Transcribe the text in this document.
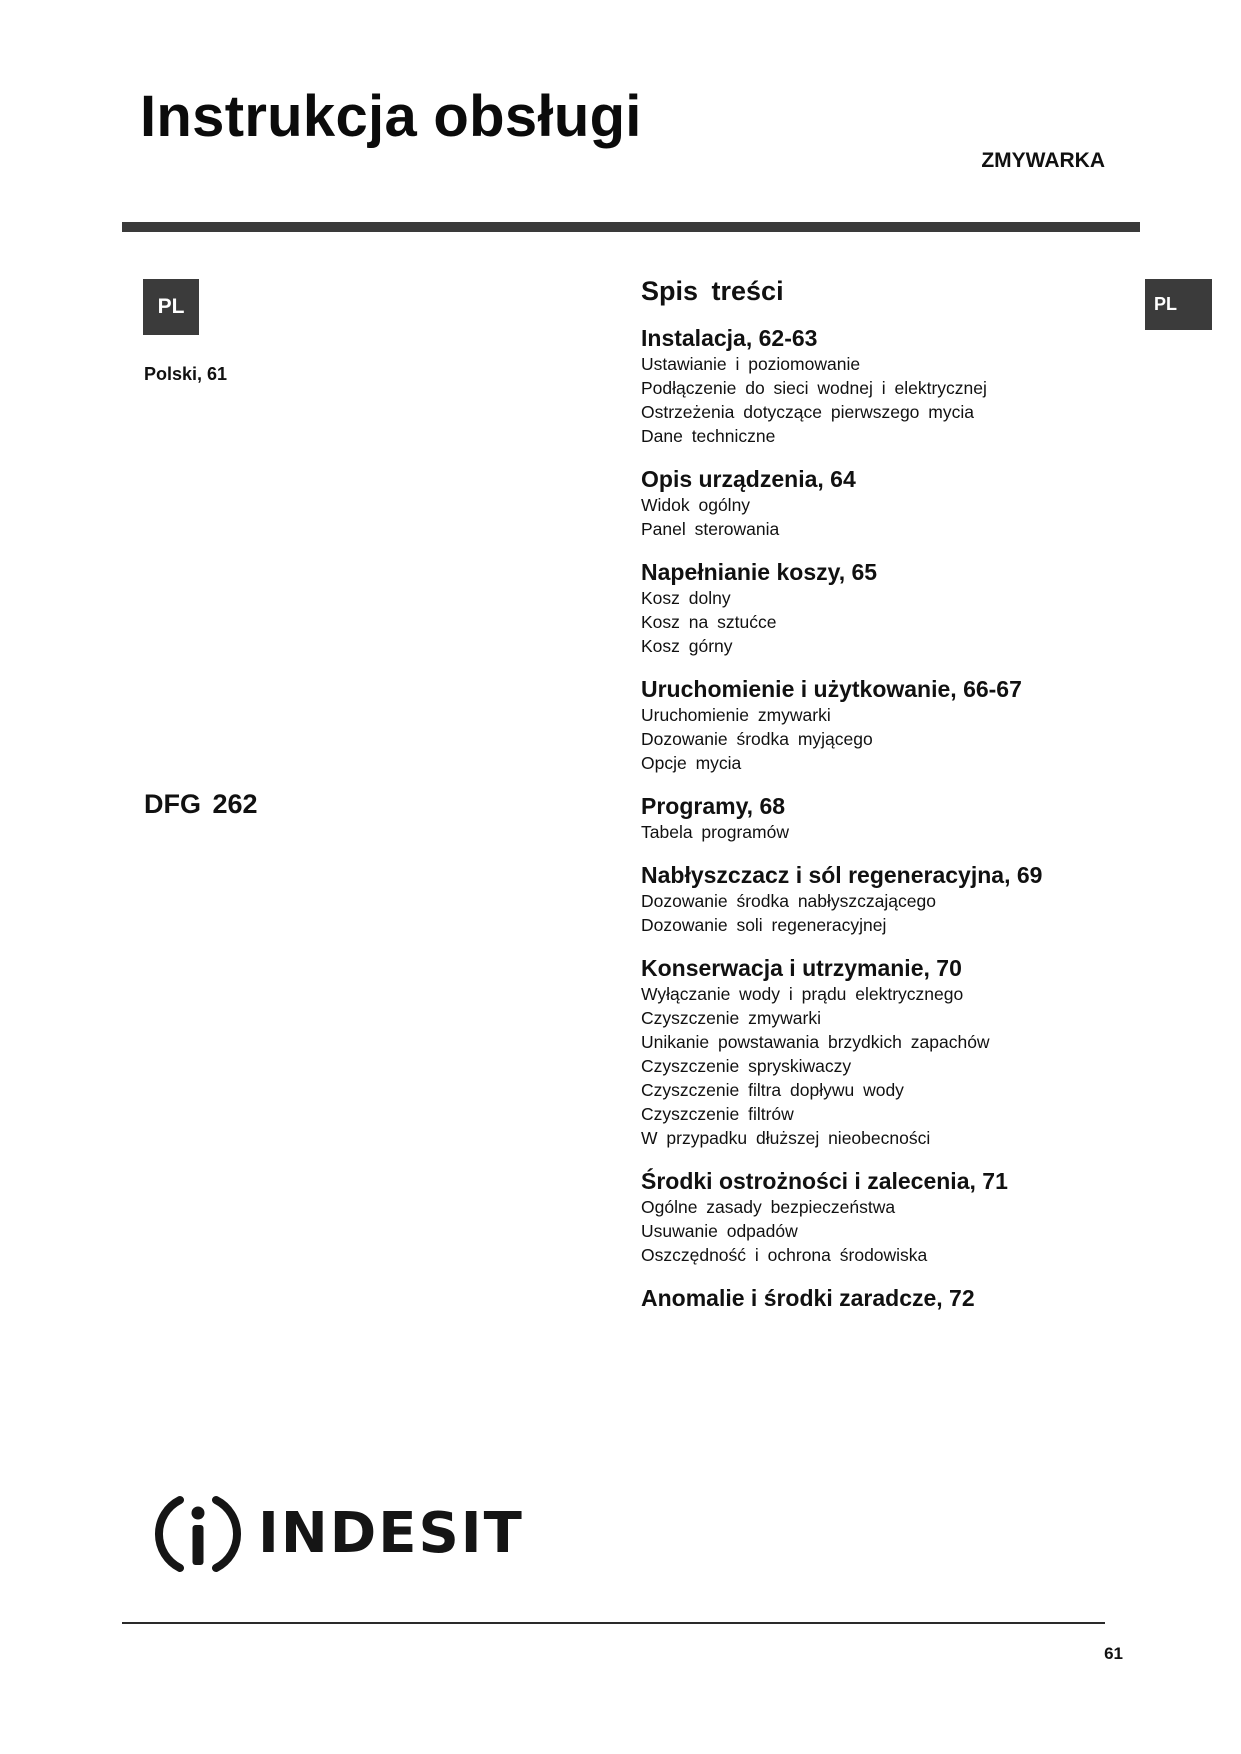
Instrukcja obsługi
ZMYWARKA
PL	PL
Polski, 61
DFG 262
Spis treści
Instalacja, 62-63
Ustawianie i poziomowanie
Podłączenie do sieci wodnej i elektrycznej
Ostrzeżenia dotyczące pierwszego mycia
Dane techniczne
Opis urządzenia, 64
Widok ogólny
Panel sterowania
Napełnianie koszy, 65
Kosz dolny
Kosz na sztućce
Kosz górny
Uruchomienie i użytkowanie, 66-67
Uruchomienie zmywarki
Dozowanie środka myjącego
Opcje mycia
Programy, 68
Tabela programów
Nabłyszczacz i sól regeneracyjna, 69
Dozowanie środka nabłyszczającego
Dozowanie soli regeneracyjnej
Konserwacja i utrzymanie, 70
Wyłączanie wody i prądu elektrycznego
Czyszczenie zmywarki
Unikanie powstawania brzydkich zapachów
Czyszczenie spryskiwaczy
Czyszczenie filtra dopływu wody
Czyszczenie filtrów
W przypadku dłuższej nieobecności
Środki ostrożności i zalecenia, 71
Ogólne zasady bezpieczeństwa
Usuwanie odpadów
Oszczędność i ochrona środowiska
Anomalie i środki zaradcze, 72
INDESIT
61
